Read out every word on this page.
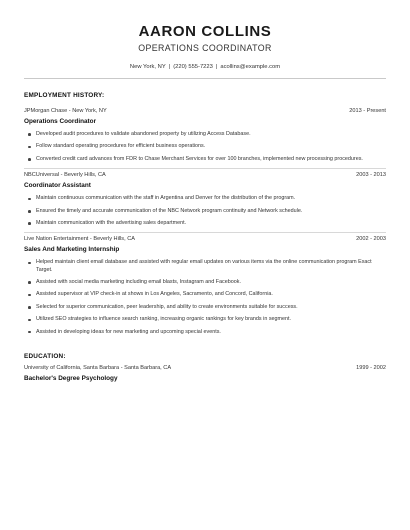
AARON COLLINS
OPERATIONS COORDINATOR
New York, NY | (220) 555-7223 | acollins@example.com
EMPLOYMENT HISTORY:
JPMorgan Chase - New York, NY	2013 - Present
Operations Coordinator
Developed audit procedures to validate abandoned property by utilizing Access Database.
Follow standard operating procedures for efficient business operations.
Converted credit card advances from FDR to Chase Merchant Services for over 100 branches, implemented new processing procedures.
NBCUniversal - Beverly Hills, CA	2003 - 2013
Coordinator Assistant
Maintain continuous communication with the staff in Argentina and Denver for the distribution of the program.
Ensured the timely and accurate communication of the NBC Network program continuity and Network schedule.
Maintain communication with the advertising sales department.
Live Nation Entertainment - Beverly Hills, CA	2002 - 2003
Sales And Marketing Internship
Helped maintain client email database and assisted with regular email updates on various items via the online communication program Exact Target.
Assisted with social media marketing including email blasts, Instagram and Facebook.
Assisted supervisor at VIP check-in at shows in Los Angeles, Sacramento, and Concord, California.
Selected for superior communication, peer leadership, and ability to create environments suitable for success.
Utilized SEO strategies to influence search ranking, increasing organic rankings for key brands in segment.
Assisted in developing ideas for new marketing and upcoming special events.
EDUCATION:
University of California, Santa Barbara - Santa Barbara, CA	1999 - 2002
Bachelor's Degree Psychology
